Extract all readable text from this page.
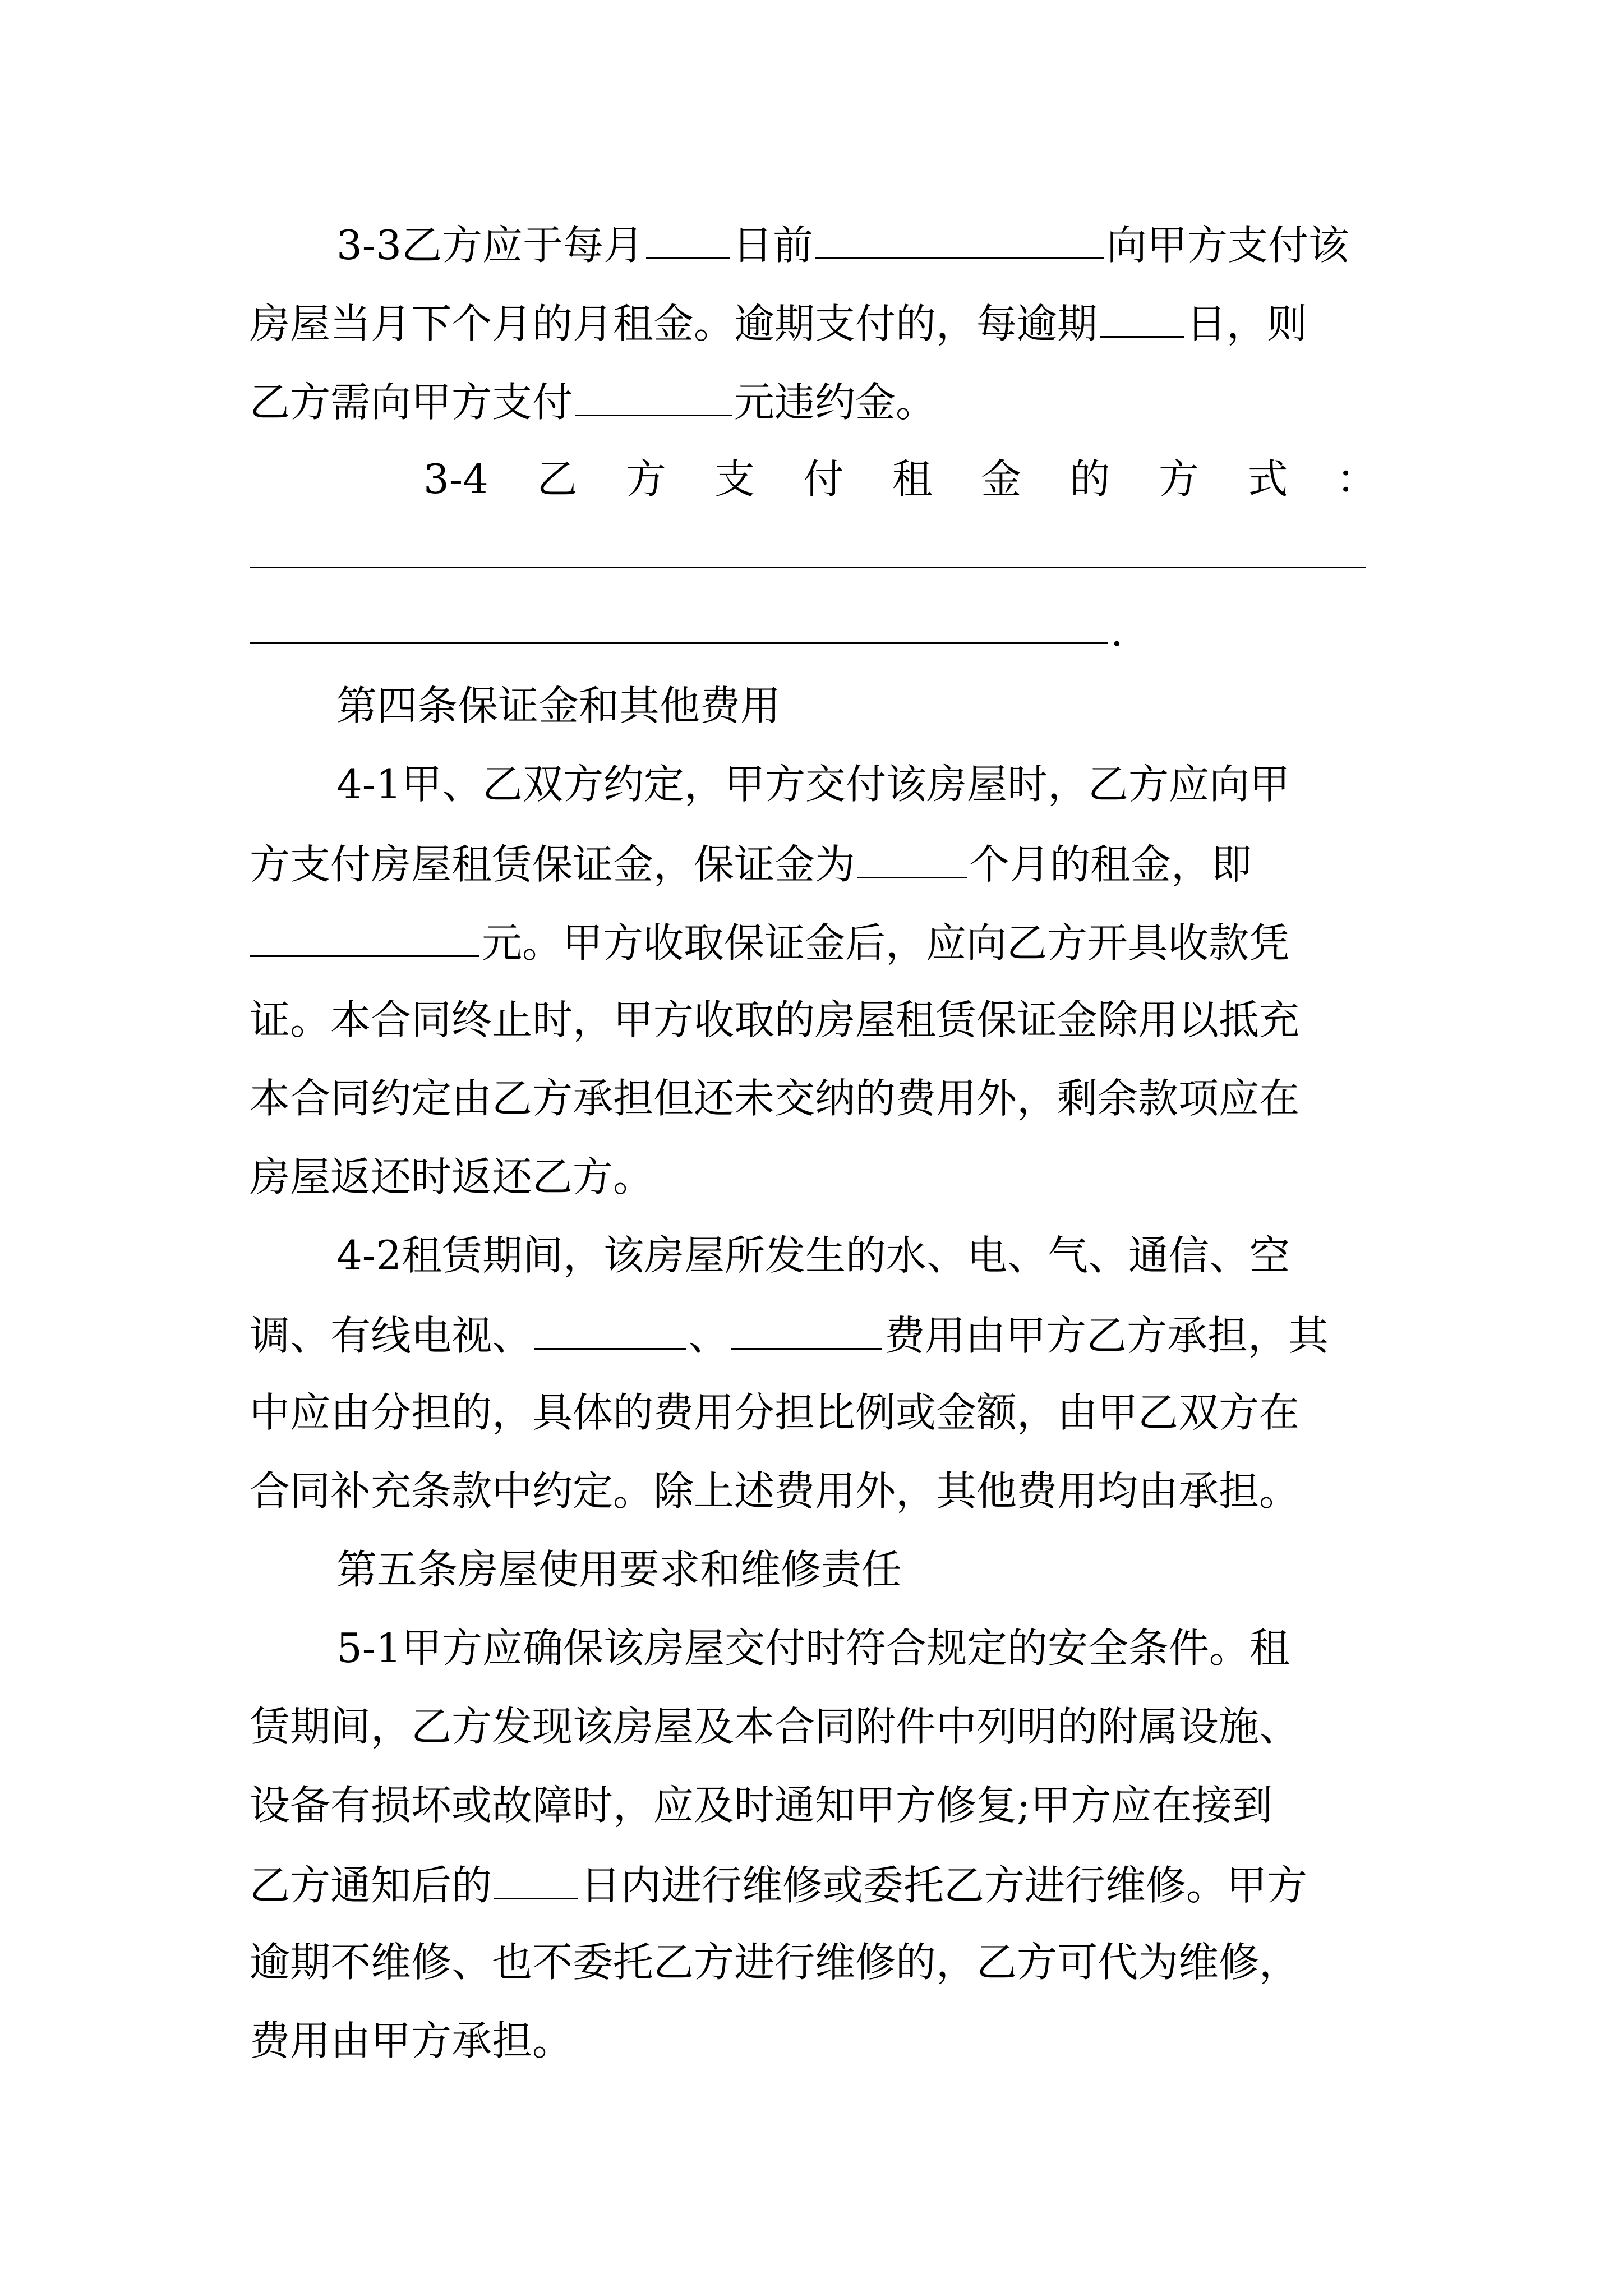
3-3乙方应于每月 日前	向甲方支付该
房屋当月下个月的月租金。逾期支付的，每逾期 日，则
乙方需向甲方支付	元违约金。
3-4 乙 方 支 付 租 金 的 方 式 ：
.
第四条保证金和其他费用
4-1甲、乙双方约定，甲方交付该房屋时，乙方应向甲
方支付房屋租赁保证金，保证金为	个月的租金，即
元。甲方收取保证金后，应向乙方开具收款凭
证。本合同终止时，甲方收取的房屋租赁保证金除用以抵充
本合同约定由乙方承担但还未交纳的费用外，剩余款项应在
房屋返还时返还乙方。
4-2租赁期间，该房屋所发生的水、电、气、通信、空
调、有线电视、	、	费用由甲方乙方承担，其
中应由分担的，具体的费用分担比例或金额，由甲乙双方在
合同补充条款中约定。除上述费用外，其他费用均由承担。
第五条房屋使用要求和维修责任
5-1甲方应确保该房屋交付时符合规定的安全条件。租
赁期间，乙方发现该房屋及本合同附件中列明的附属设施、
设备有损坏或故障时，应及时通知甲方修复;甲方应在接到
乙方通知后的 日内进行维修或委托乙方进行维修。甲方
逾期不维修、也不委托乙方进行维修的，乙方可代为维修，
费用由甲方承担。
